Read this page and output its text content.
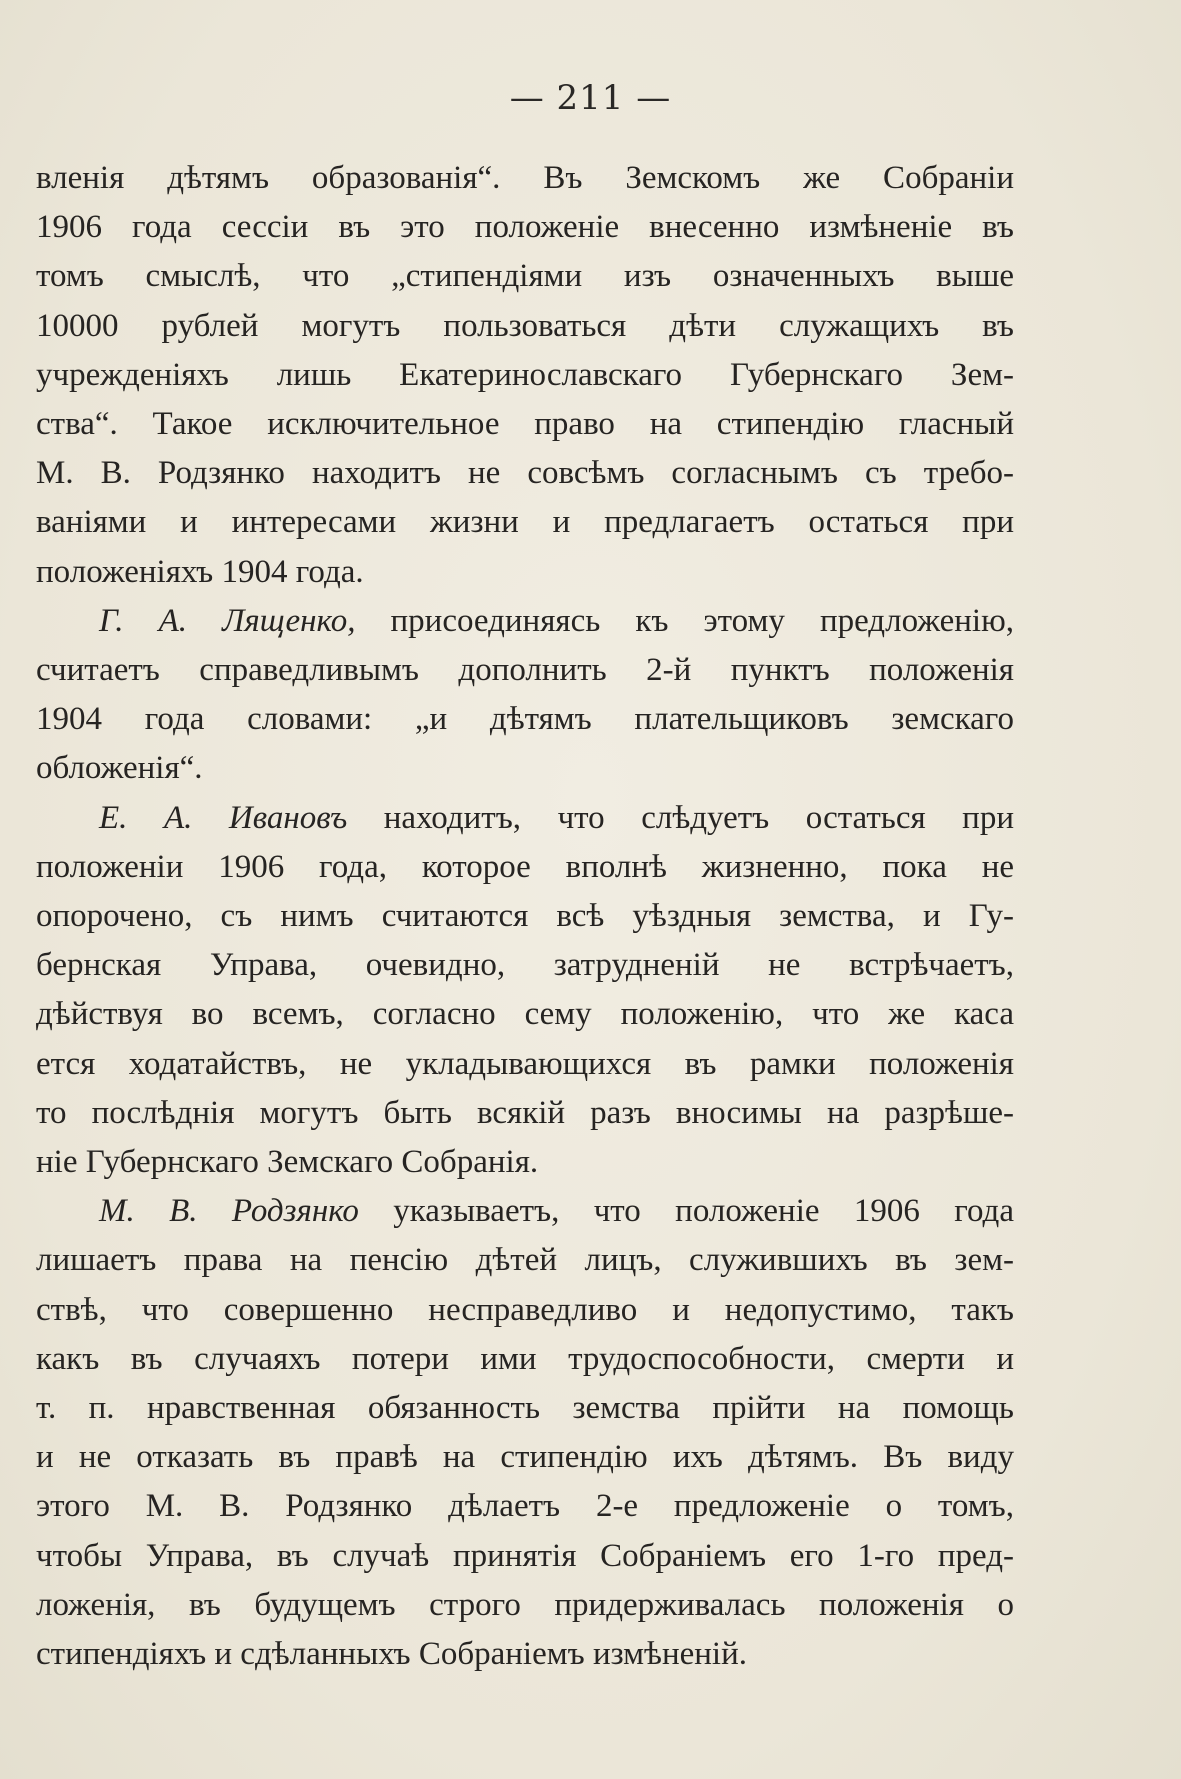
— 211 —
вленія дѣтямъ образованія“. Въ Земскомъ же Собраніи
1906 года сессіи въ это положеніе внесенно измѣненіе въ
томъ смыслѣ, что „стипендіями изъ означенныхъ выше
10000 рублей могутъ пользоваться дѣти служащихъ въ
учрежденіяхъ лишь Екатеринославскаго Губернскаго Зем-
ства“. Такое исключительное право на стипендію гласный
М. В. Родзянко находитъ не совсѣмъ согласнымъ съ требо-
ваніями и интересами жизни и предлагаетъ остаться при
положеніяхъ 1904 года.
Г. А. Лященко, присоединяясь къ этому предложенію,
считаетъ справедливымъ дополнить 2-й пунктъ положенія
1904 года словами: „и дѣтямъ плательщиковъ земскаго
обложенія“.
Е. А. Ивановъ находитъ, что слѣдуетъ остаться при
положеніи 1906 года, которое вполнѣ жизненно, пока не
опорочено, съ нимъ считаются всѣ уѣздныя земства, и Гу-
бернская Управа, очевидно, затрудненій не встрѣчаетъ,
дѣйствуя во всемъ, согласно сему положенію, что же каса
ется ходатайствъ, не укладывающихся въ рамки положенія
то послѣднія могутъ быть всякій разъ вносимы на разрѣше-
ніе Губернскаго Земскаго Собранія.
М. В. Родзянко указываетъ, что положеніе 1906 года
лишаетъ права на пенсію дѣтей лицъ, служившихъ въ зем-
ствѣ, что совершенно несправедливо и недопустимо, такъ
какъ въ случаяхъ потери ими трудоспособности, смерти и
т. п. нравственная обязанность земства прійти на помощь
и не отказать въ правѣ на стипендію ихъ дѣтямъ. Въ виду
этого М. В. Родзянко дѣлаетъ 2-е предложеніе о томъ,
чтобы Управа, въ случаѣ принятія Собраніемъ его 1-го пред-
ложенія, въ будущемъ строго придерживалась положенія о
стипендіяхъ и сдѣланныхъ Собраніемъ измѣненій.
